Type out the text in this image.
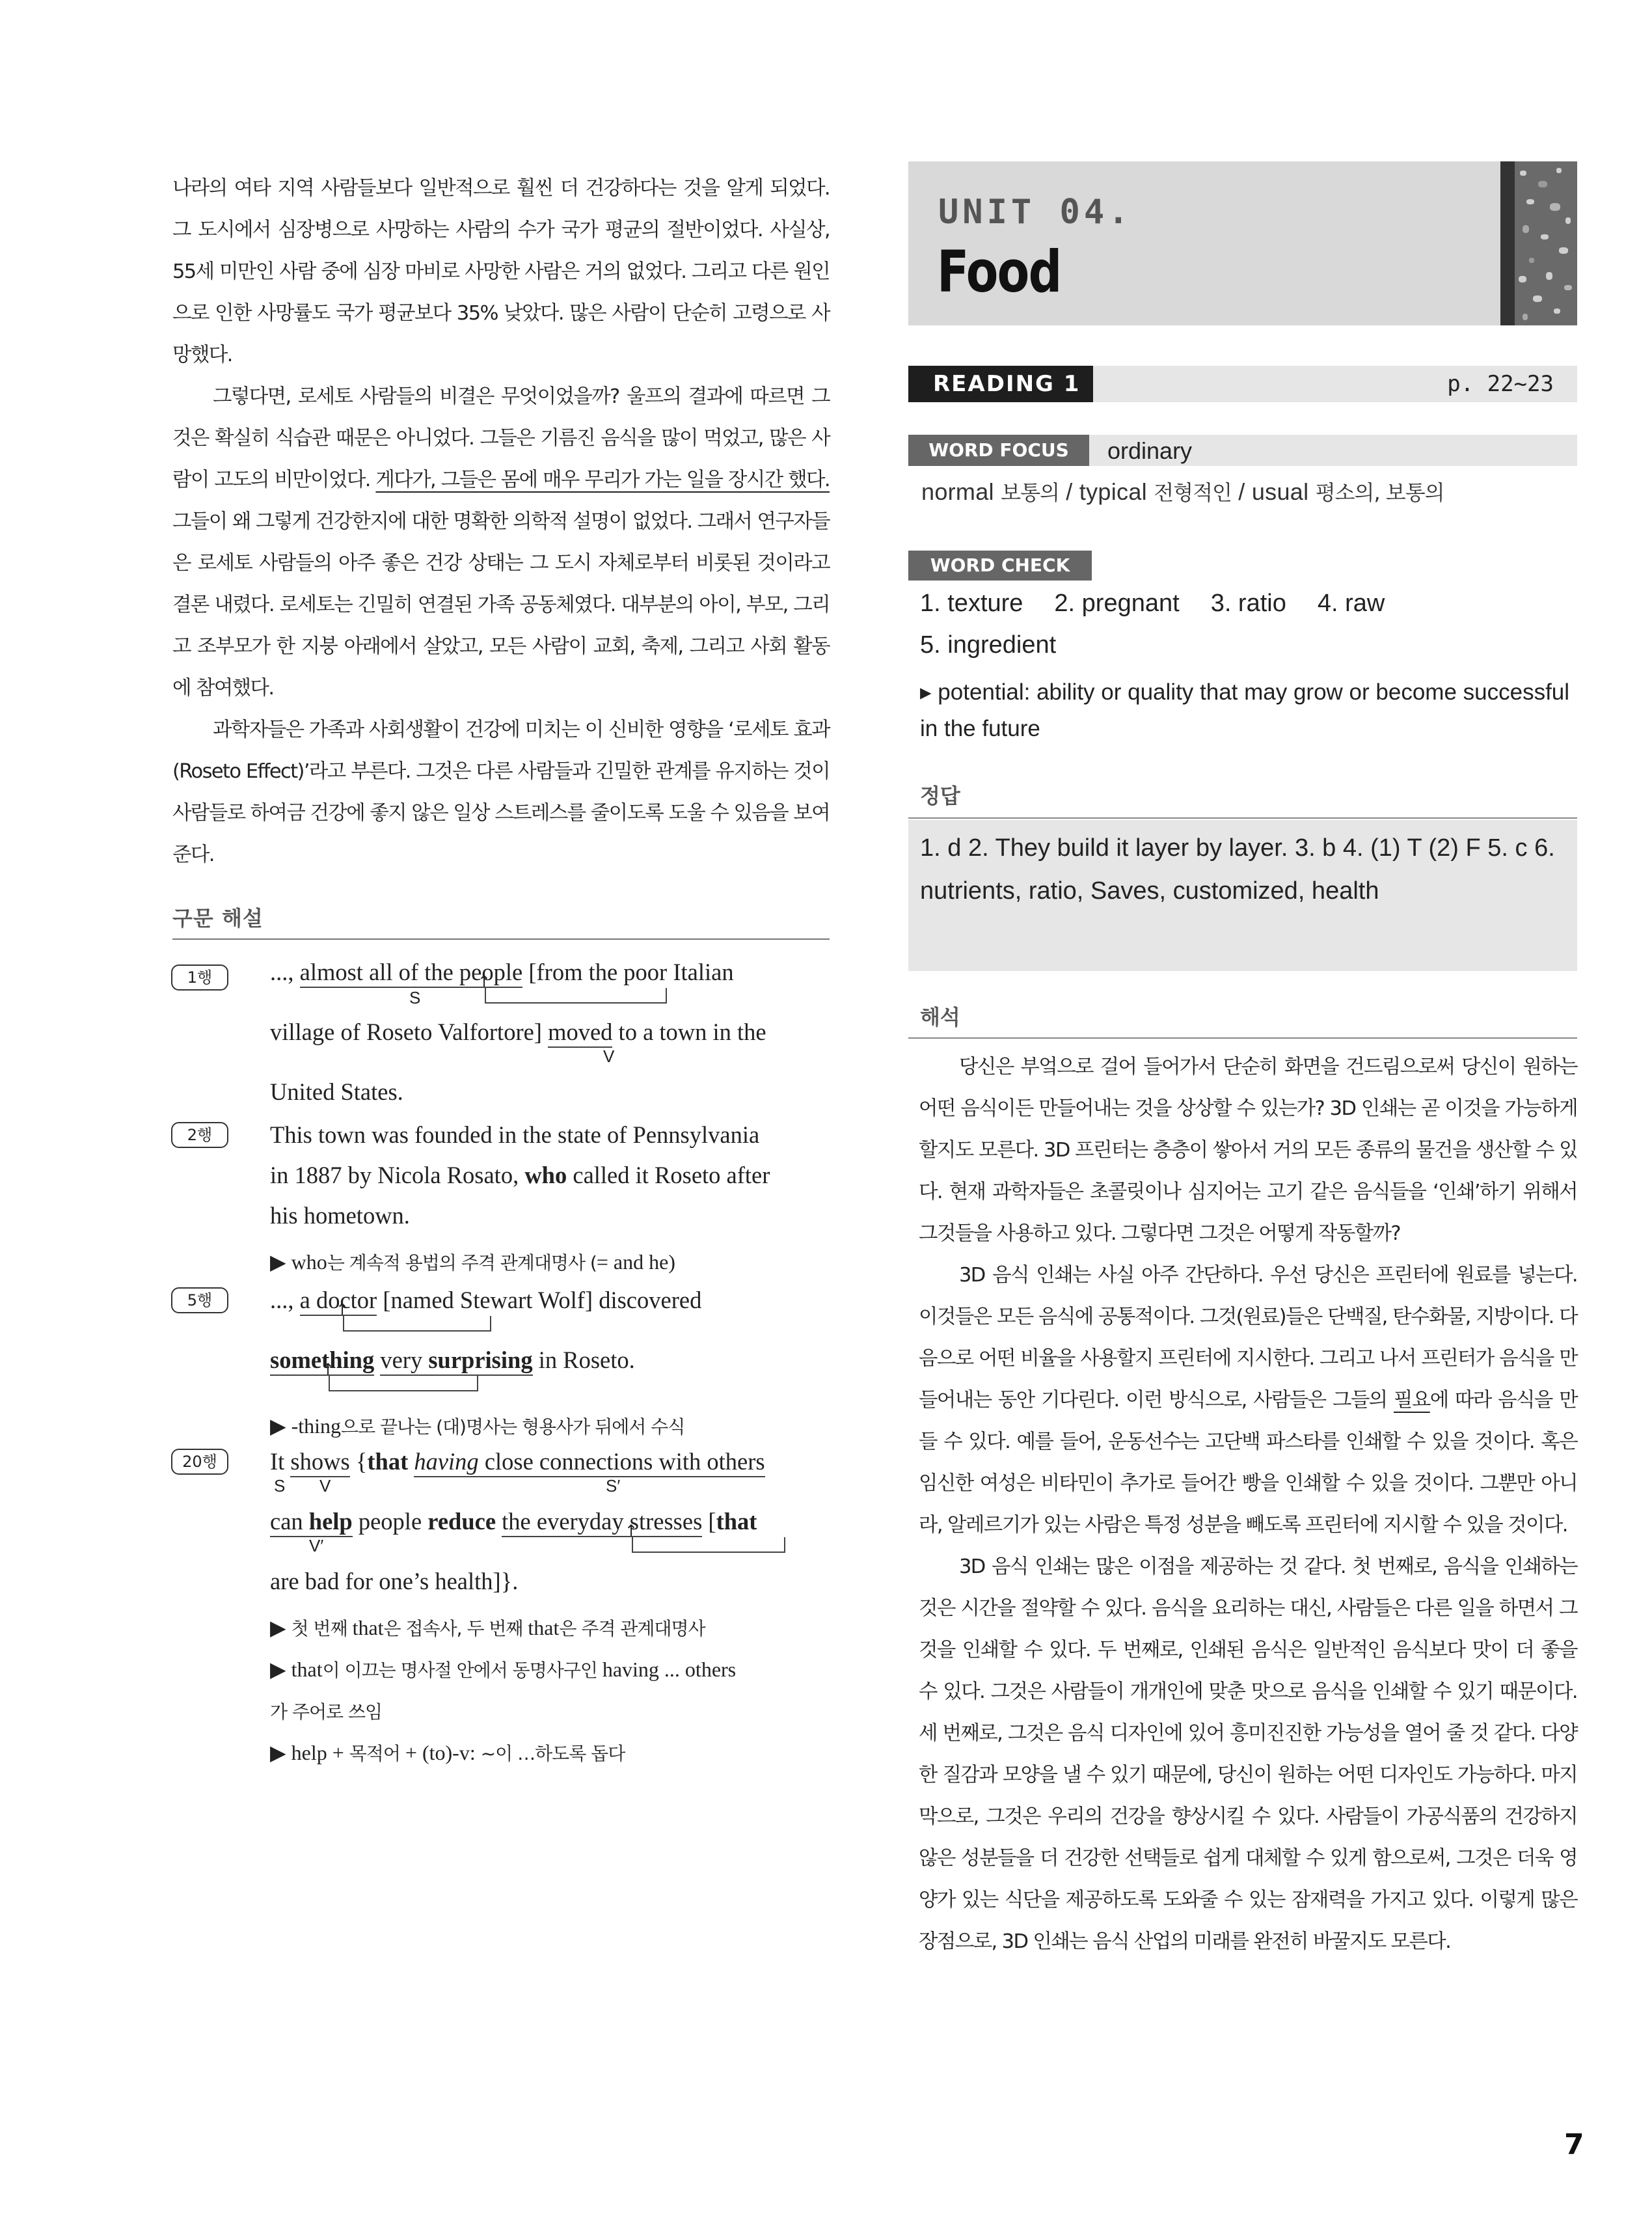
나라의 여타 지역 사람들보다 일반적으로 훨씬 더 건강하다는 것을 알게 되었다. 그 도시에서 심장병으로 사망하는 사람의 수가 국가 평균의 절반이었다. 사실상, 55세 미만인 사람 중에 심장 마비로 사망한 사람은 거의 없었다. 그리고 다른 원인으로 인한 사망률도 국가 평균보다 35% 낮았다. 많은 사람이 단순히 고령으로 사망했다.

그렇다면, 로세토 사람들의 비결은 무엇이었을까? 울프의 결과에 따르면 그것은 확실히 식습관 때문은 아니었다. 그들은 기름진 음식을 많이 먹었고, 많은 사람이 고도의 비만이었다. 게다가, 그들은 몸에 매우 무리가 가는 일을 장시간 했다. 그들이 왜 그렇게 건강한지에 대한 명확한 의학적 설명이 없었다. 그래서 연구자들은 로세토 사람들의 아주 좋은 건강 상태는 그 도시 자체로부터 비롯된 것이라고 결론 내렸다. 로세토는 긴밀히 연결된 가족 공동체였다. 대부분의 아이, 부모, 그리고 조부모가 한 지붕 아래에서 살았고, 모든 사람이 교회, 축제, 그리고 사회 활동에 참여했다.

과학자들은 가족과 사회생활이 건강에 미치는 이 신비한 영향을 ‘로세토 효과(Roseto Effect)’라고 부른다. 그것은 다른 사람들과 긴밀한 관계를 유지하는 것이 사람들로 하여금 건강에 좋지 않은 일상 스트레스를 줄이도록 도울 수 있음을 보여 준다.

구문 해설
1행	..., almost all of the people [from the poor Italian
S
↑
village of Roseto Valfortore] moved to a town in the
V
United States.
2행	This town was founded in the state of Pennsylvania
in 1887 by Nicola Rosato, who called it Roseto after
his hometown.
▶ who는 계속적 용법의 주격 관계대명사 (= and he)
5행	..., a doctor [named Stewart Wolf] discovered
↑
something very surprising in Roseto.
↑
▶ -thing으로 끝나는 (대)명사는 형용사가 뒤에서 수식
20행	It shows {that having close connections with others
S V	S′
can help people reduce the everyday stresses [that
V′
↑
are bad for one’s health]}.
▶ 첫 번째 that은 접속사, 두 번째 that은 주격 관계대명사
▶ that이 이끄는 명사절 안에서 동명사구인 having ... others
가 주어로 쓰임
▶ help + 목적어 + (to)-v: ~이 …하도록 돕다
UNIT 04.
Food
READING 1	p. 22~23
WORD FOCUS	ordinary
normal 보통의 / typical 전형적인 / usual 평소의, 보통의
WORD CHECK
1. texture 2. pregnant 3. ratio 4. raw
5. ingredient
▸ potential: ability or quality that may grow or become successful in the future
정답
1. d 2. They build it layer by layer. 3. b 4. (1) T (2) F 5. c 6. nutrients, ratio, Saves, customized, health
해석

당신은 부엌으로 걸어 들어가서 단순히 화면을 건드림으로써 당신이 원하는 어떤 음식이든 만들어내는 것을 상상할 수 있는가? 3D 인쇄는 곧 이것을 가능하게 할지도 모른다. 3D 프린터는 층층이 쌓아서 거의 모든 종류의 물건을 생산할 수 있다. 현재 과학자들은 초콜릿이나 심지어는 고기 같은 음식들을 ‘인쇄’하기 위해서 그것들을 사용하고 있다. 그렇다면 그것은 어떻게 작동할까?

3D 음식 인쇄는 사실 아주 간단하다. 우선 당신은 프린터에 원료를 넣는다. 이것들은 모든 음식에 공통적이다. 그것(원료)들은 단백질, 탄수화물, 지방이다. 다음으로 어떤 비율을 사용할지 프린터에 지시한다. 그리고 나서 프린터가 음식을 만들어내는 동안 기다린다. 이런 방식으로, 사람들은 그들의 필요에 따라 음식을 만들 수 있다. 예를 들어, 운동선수는 고단백 파스타를 인쇄할 수 있을 것이다. 혹은 임신한 여성은 비타민이 추가로 들어간 빵을 인쇄할 수 있을 것이다. 그뿐만 아니라, 알레르기가 있는 사람은 특정 성분을 빼도록 프린터에 지시할 수 있을 것이다.

3D 음식 인쇄는 많은 이점을 제공하는 것 같다. 첫 번째로, 음식을 인쇄하는 것은 시간을 절약할 수 있다. 음식을 요리하는 대신, 사람들은 다른 일을 하면서 그것을 인쇄할 수 있다. 두 번째로, 인쇄된 음식은 일반적인 음식보다 맛이 더 좋을 수 있다. 그것은 사람들이 개개인에 맞춘 맛으로 음식을 인쇄할 수 있기 때문이다. 세 번째로, 그것은 음식 디자인에 있어 흥미진진한 가능성을 열어 줄 것 같다. 다양한 질감과 모양을 낼 수 있기 때문에, 당신이 원하는 어떤 디자인도 가능하다. 마지막으로, 그것은 우리의 건강을 향상시킬 수 있다. 사람들이 가공식품의 건강하지 않은 성분들을 더 건강한 선택들로 쉽게 대체할 수 있게 함으로써, 그것은 더욱 영양가 있는 식단을 제공하도록 도와줄 수 있는 잠재력을 가지고 있다. 이렇게 많은 장점으로, 3D 인쇄는 음식 산업의 미래를 완전히 바꿀지도 모른다.

7
